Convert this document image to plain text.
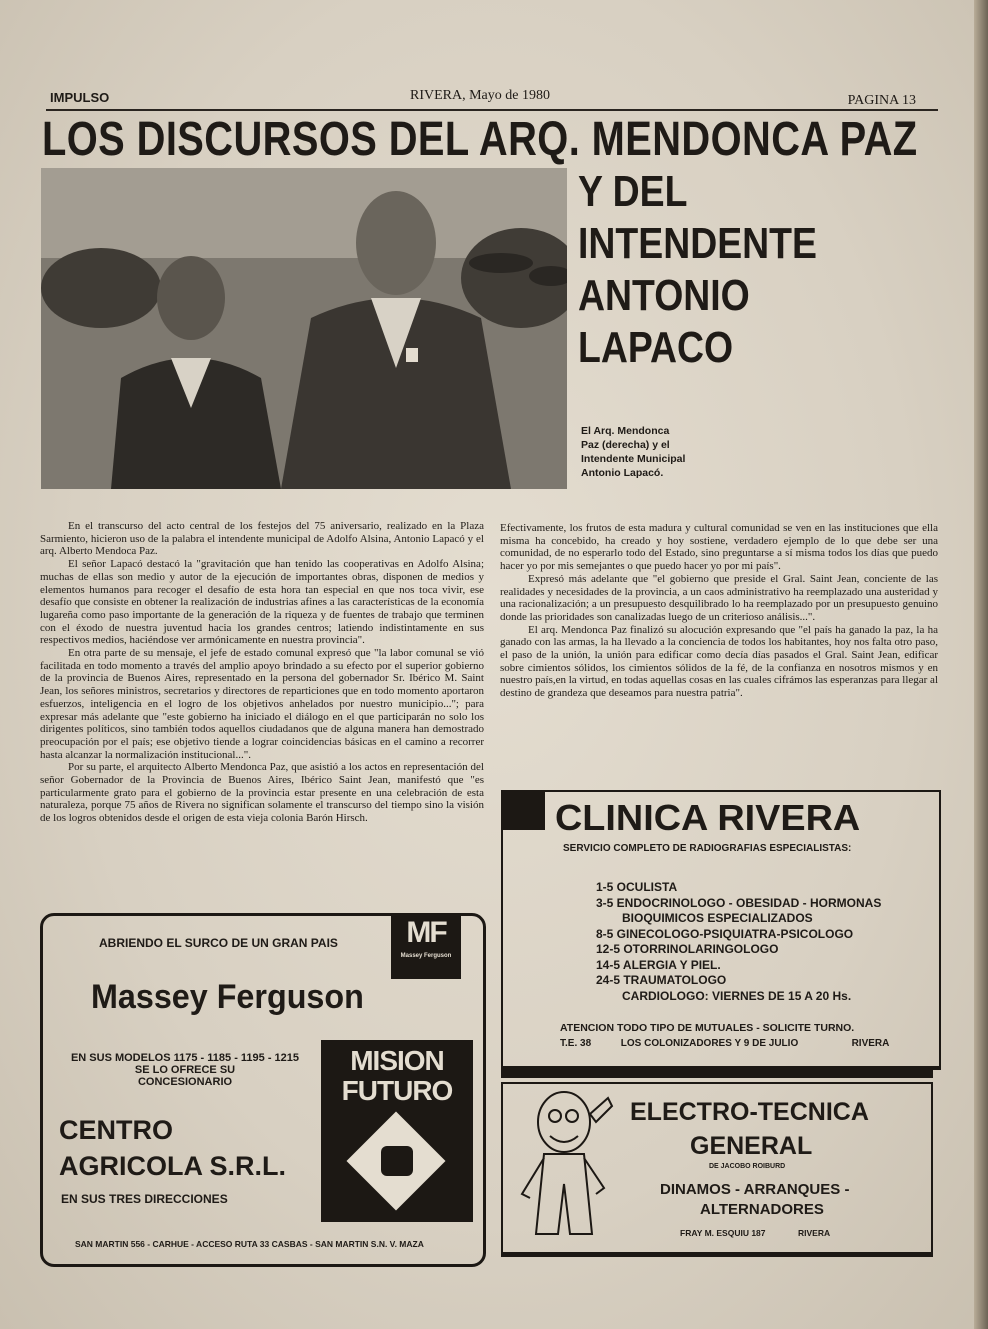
IMPULSO	RIVERA, Mayo de 1980	PAGINA 13
LOS DISCURSOS DEL ARQ. MENDONCA PAZ
Y DEL
INTENDENTE
ANTONIO
LAPACO
El Arq. Mendonca
Paz (derecha) y el
Intendente Municipal
Antonio Lapacó.

En el transcurso del acto central de los festejos del 75 aniversario, realizado en la Plaza Sarmiento, hicieron uso de la palabra el intendente municipal de Adolfo Alsina, Antonio Lapacó y el arq. Alberto Mendoca Paz.

El señor Lapacó destacó la "gravitación que han tenido las cooperativas en Adolfo Alsina; muchas de ellas son medio y autor de la ejecución de importantes obras, disponen de medios y elementos humanos para recoger el desafío de esta hora tan especial en que nos toca vivir, ese desafío que consiste en obtener la realización de industrias afines a las características de la economía lugareña como paso importante de la generación de la riqueza y de fuentes de trabajo que terminen con el éxodo de nuestra juventud hacia los grandes centros; latiendo indistintamente en sus respectivos medios, haciéndose ver armónicamente en nuestra provincia".

En otra parte de su mensaje, el jefe de estado comunal expresó que "la labor comunal se vió facilitada en todo momento a través del amplio apoyo brindado a su efecto por el superior gobierno de la provincia de Buenos Aires, representado en la persona del gobernador Sr. Ibérico M. Saint Jean, los señores ministros, secretarios y directores de reparticiones que en todo momento aportaron esfuerzos, inteligencia en el logro de los objetivos anhelados por nuestro municipio..."; para expresar más adelante que "este gobierno ha iniciado el diálogo en el que participarán no solo los dirigentes políticos, sino también todos aquellos ciudadanos que de alguna manera han demostrado preocupación por el país; ese objetivo tiende a lograr coincidencias básicas en el camino a recorrer hasta alcanzar la normalización institucional...".

Por su parte, el arquitecto Alberto Mendonca Paz, que asistió a los actos en representación del señor Gobernador de la Provincia de Buenos Aires, Ibérico Saint Jean, manifestó que "es particularmente grato para el gobierno de la provincia estar presente en una celebración de esta naturaleza, porque 75 años de Rivera no significan solamente el transcurso del tiempo sino la visión de los logros obtenidos desde el origen de esta vieja colonia Barón Hirsch.

Efectivamente, los frutos de esta madura y cultural comunidad se ven en las instituciones que ella misma ha concebido, ha creado y hoy sostiene, verdadero ejemplo de lo que debe ser una comunidad, de no esperarlo todo del Estado, sino preguntarse a sí misma todos los días que puedo hacer yo por mis semejantes o que puedo hacer yo por mi país".

Expresó más adelante que "el gobierno que preside el Gral. Saint Jean, conciente de las realidades y necesidades de la provincia, a un caos administrativo ha reemplazado una austeridad y una racionalización; a un presupuesto desquilibrado lo ha reemplazado por un presupuesto genuino donde las prioridades son canalizadas luego de un criterioso análisis...".

El arq. Mendonca Paz finalizó su alocución expresando que "el país ha ganado la paz, la ha ganado con las armas, la ha llevado a la conciencia de todos los habitantes, hoy nos falta otro paso, el paso de la unión, la unión para edificar como decía días pasados el Gral. Saint Jean, edificar sobre cimientos sólidos, los cimientos sólidos de la fé, de la confianza en nosotros mismos y en nuestro país,en la virtud, en todas aquellas cosas en las cuales cifrámos las esperanzas para llegar al destino de grandeza que deseamos para nuestra patria".

ABRIENDO EL SURCO DE UN GRAN PAIS	MF
Massey Ferguson
Massey Ferguson
EN SUS MODELOS 1175 - 1185 - 1195 - 1215
SE LO OFRECE SU
CONCESIONARIO
CENTRO
AGRICOLA S.R.L.
EN SUS TRES DIRECCIONES
SAN MARTIN 556 - CARHUE - ACCESO RUTA 33 CASBAS - SAN MARTIN S.N. V. MAZA
MISION FUTURO
CLINICA RIVERA
SERVICIO COMPLETO DE RADIOGRAFIAS ESPECIALISTAS:
1-5 OCULISTA
3-5 ENDOCRINOLOGO - OBESIDAD - HORMONAS
BIOQUIMICOS ESPECIALIZADOS
8-5 GINECOLOGO-PSIQUIATRA-PSICOLOGO
12-5 OTORRINOLARINGOLOGO
14-5 ALERGIA Y PIEL.
24-5 TRAUMATOLOGO
CARDIOLOGO: VIERNES DE 15 A 20 Hs.
ATENCION TODO TIPO DE MUTUALES - SOLICITE TURNO.
T.E. 38	LOS COLONIZADORES Y 9 DE JULIO	RIVERA
ELECTRO-TECNICA
GENERAL
DE JACOBO ROIBURD
DINAMOS - ARRANQUES -
ALTERNADORES
FRAY M. ESQUIU 187	RIVERA
